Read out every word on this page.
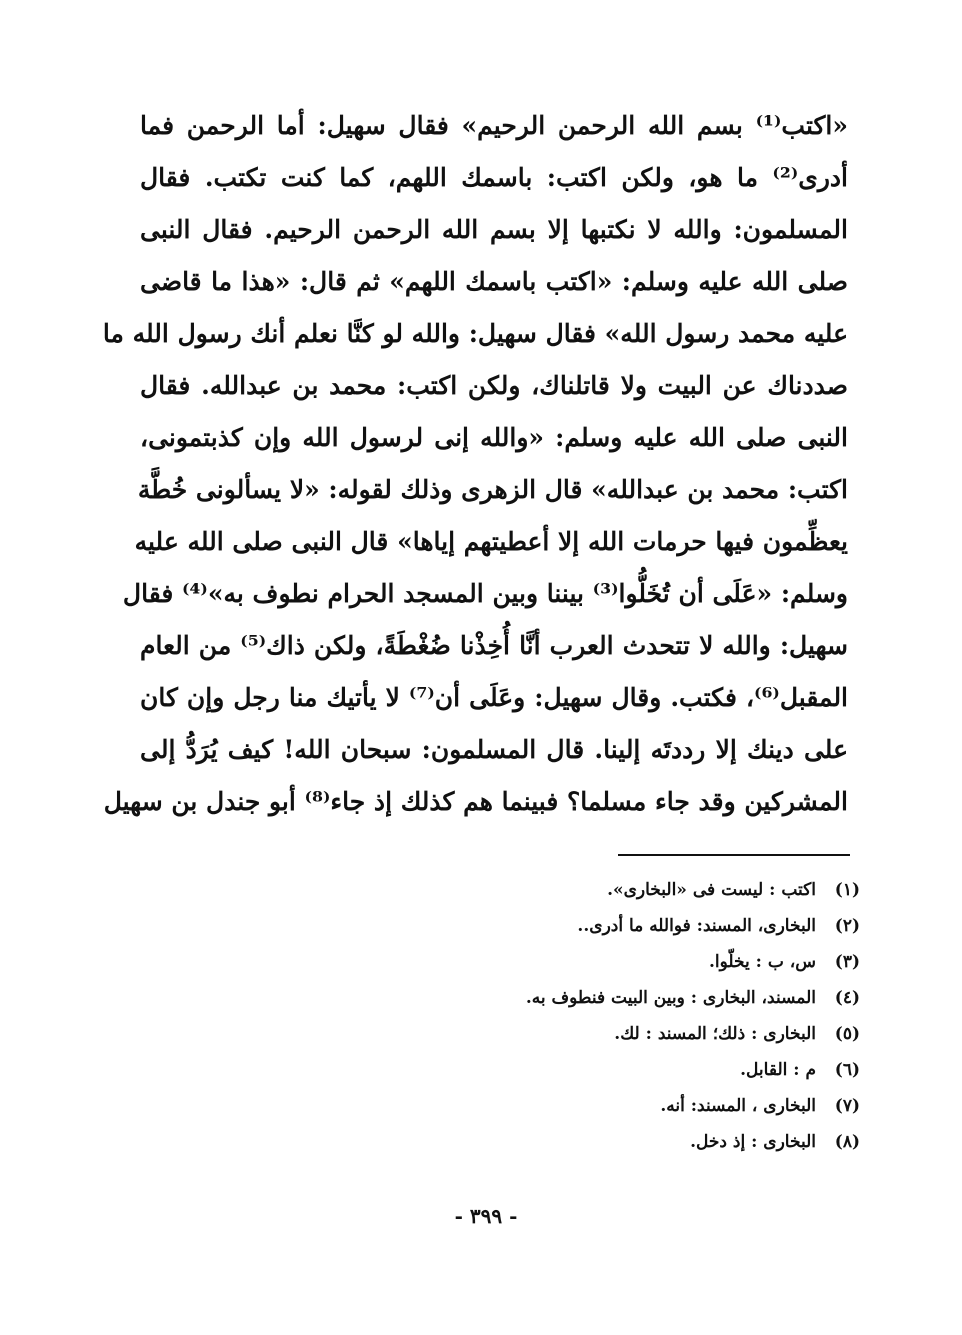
«اكتب⁽¹⁾ بسم الله الرحمن الرحيم» فقال سهيل: أما الرحمن فما
أدرى⁽²⁾ ما هو، ولكن اكتب: باسمك اللهم، كما كنت تكتب. فقال
المسلمون: والله لا نكتبها إلا بسم الله الرحمن الرحيم. فقال النبى
صلى الله عليه وسلم: «اكتب باسمك اللهم» ثم قال: «هذا ما قاضى
عليه محمد رسول الله» فقال سهيل: والله لو كنَّا نعلم أنك رسول الله ما
صددناك عن البيت ولا قاتلناك، ولكن اكتب: محمد بن عبدالله. فقال
النبى صلى الله عليه وسلم: «والله إنى لرسول الله وإن كذبتمونى،
اكتب: محمد بن عبدالله» قال الزهرى وذلك لقوله: «لا يسألونى خُطَّة
يعظِّمون فيها حرمات الله إلا أعطيتهم إياها» قال النبى صلى الله عليه
وسلم: «عَلَى أن تُخَلُّوا⁽³⁾ بيننا وبين المسجد الحرام نطوف به»⁽⁴⁾ فقال
سهيل: والله لا تتحدث العرب أنَّا أُخِذْنا ضُغْطَةً، ولكن ذاك⁽⁵⁾ من العام
المقبل⁽⁶⁾، فكتب. وقال سهيل: وعَلَى أن⁽⁷⁾ لا يأتيك منا رجل وإن كان
على دينك إلا رددتَه إلينا. قال المسلمون: سبحان الله! كيف يُرَدُّ إلى
المشركين وقد جاء مسلما؟ فبينما هم كذلك إذ جاء⁽⁸⁾ أبو جندل بن سهيل
(١)اكتب : ليست فى «البخارى».
(٢)البخارى، المسند: فوالله ما أدرى..
(٣)س، ب : يخلّوا.
(٤)المسند، البخارى : وبين البيت فنطوف به.
(٥)البخارى : ذلك؛ المسند : لك.
(٦)م : القابل.
(٧)البخارى ، المسند: أنه.
(٨)البخارى : إذ دخل.
- ٣٩٩ -
